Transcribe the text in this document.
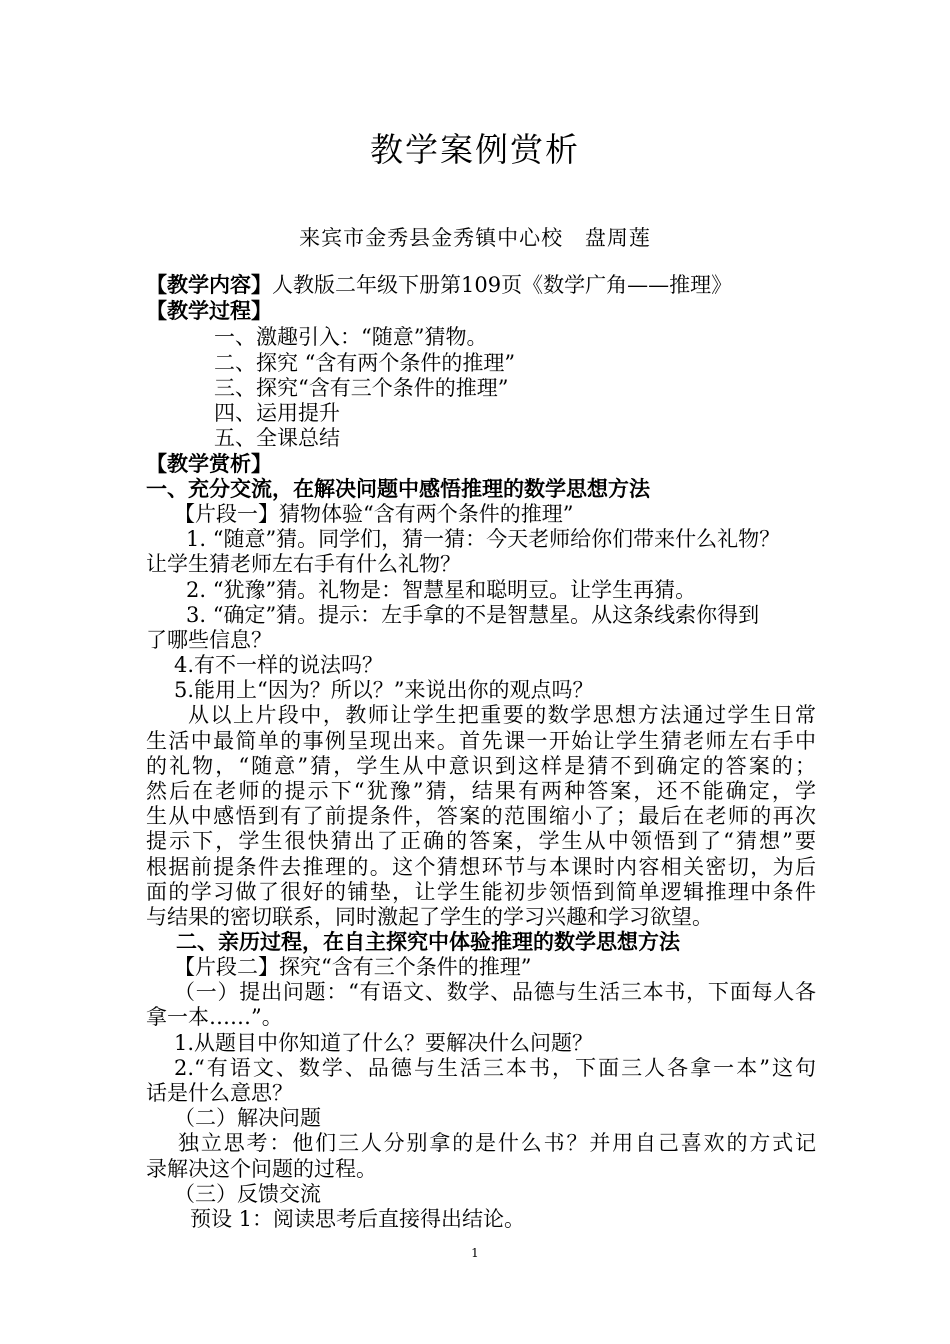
教学案例赏析
来宾市金秀县金秀镇中心校 盘周莲
【教学内容】人教版二年级下册第109页《数学广角——推理》
【教学过程】
一、激趣引入：“随意”猜物。
二、探究 “含有两个条件的推理”
三、探究“含有三个条件的推理”
四、运用提升
五、全课总结
【教学赏析】
一、充分交流，在解决问题中感悟推理的数学思想方法
【片段一】猜物体验“含有两个条件的推理”
1. “随意”猜。同学们，猜一猜：今天老师给你们带来什么礼物？
让学生猜老师左右手有什么礼物？
2. “犹豫”猜。礼物是：智慧星和聪明豆。让学生再猜。
3. “确定”猜。提示：左手拿的不是智慧星。从这条线索你得到
了哪些信息？
4.有不一样的说法吗？
5.能用上“因为？所以？”来说出你的观点吗？
从以上片段中，教师让学生把重要的数学思想方法通过学生日常
生活中最简单的事例呈现出来。首先课一开始让学生猜老师左右手中
的礼物，“随意”猜，学生从中意识到这样是猜不到确定的答案的；
然后在老师的提示下“犹豫”猜，结果有两种答案，还不能确定，学
生从中感悟到有了前提条件，答案的范围缩小了；最后在老师的再次
提示下，学生很快猜出了正确的答案，学生从中领悟到了“猜想”要
根据前提条件去推理的。这个猜想环节与本课时内容相关密切，为后
面的学习做了很好的铺垫，让学生能初步领悟到简单逻辑推理中条件
与结果的密切联系，同时激起了学生的学习兴趣和学习欲望。
二、亲历过程，在自主探究中体验推理的数学思想方法
【片段二】探究“含有三个条件的推理”
（一）提出问题：“有语文、数学、品德与生活三本书，下面每人各
拿一本……”。
1.从题目中你知道了什么？要解决什么问题？
2.“有语文、数学、品德与生活三本书，下面三人各拿一本”这句
话是什么意思？
（二）解决问题
独立思考：他们三人分别拿的是什么书？并用自己喜欢的方式记
录解决这个问题的过程。
（三）反馈交流
预设 1：阅读思考后直接得出结论。
1
